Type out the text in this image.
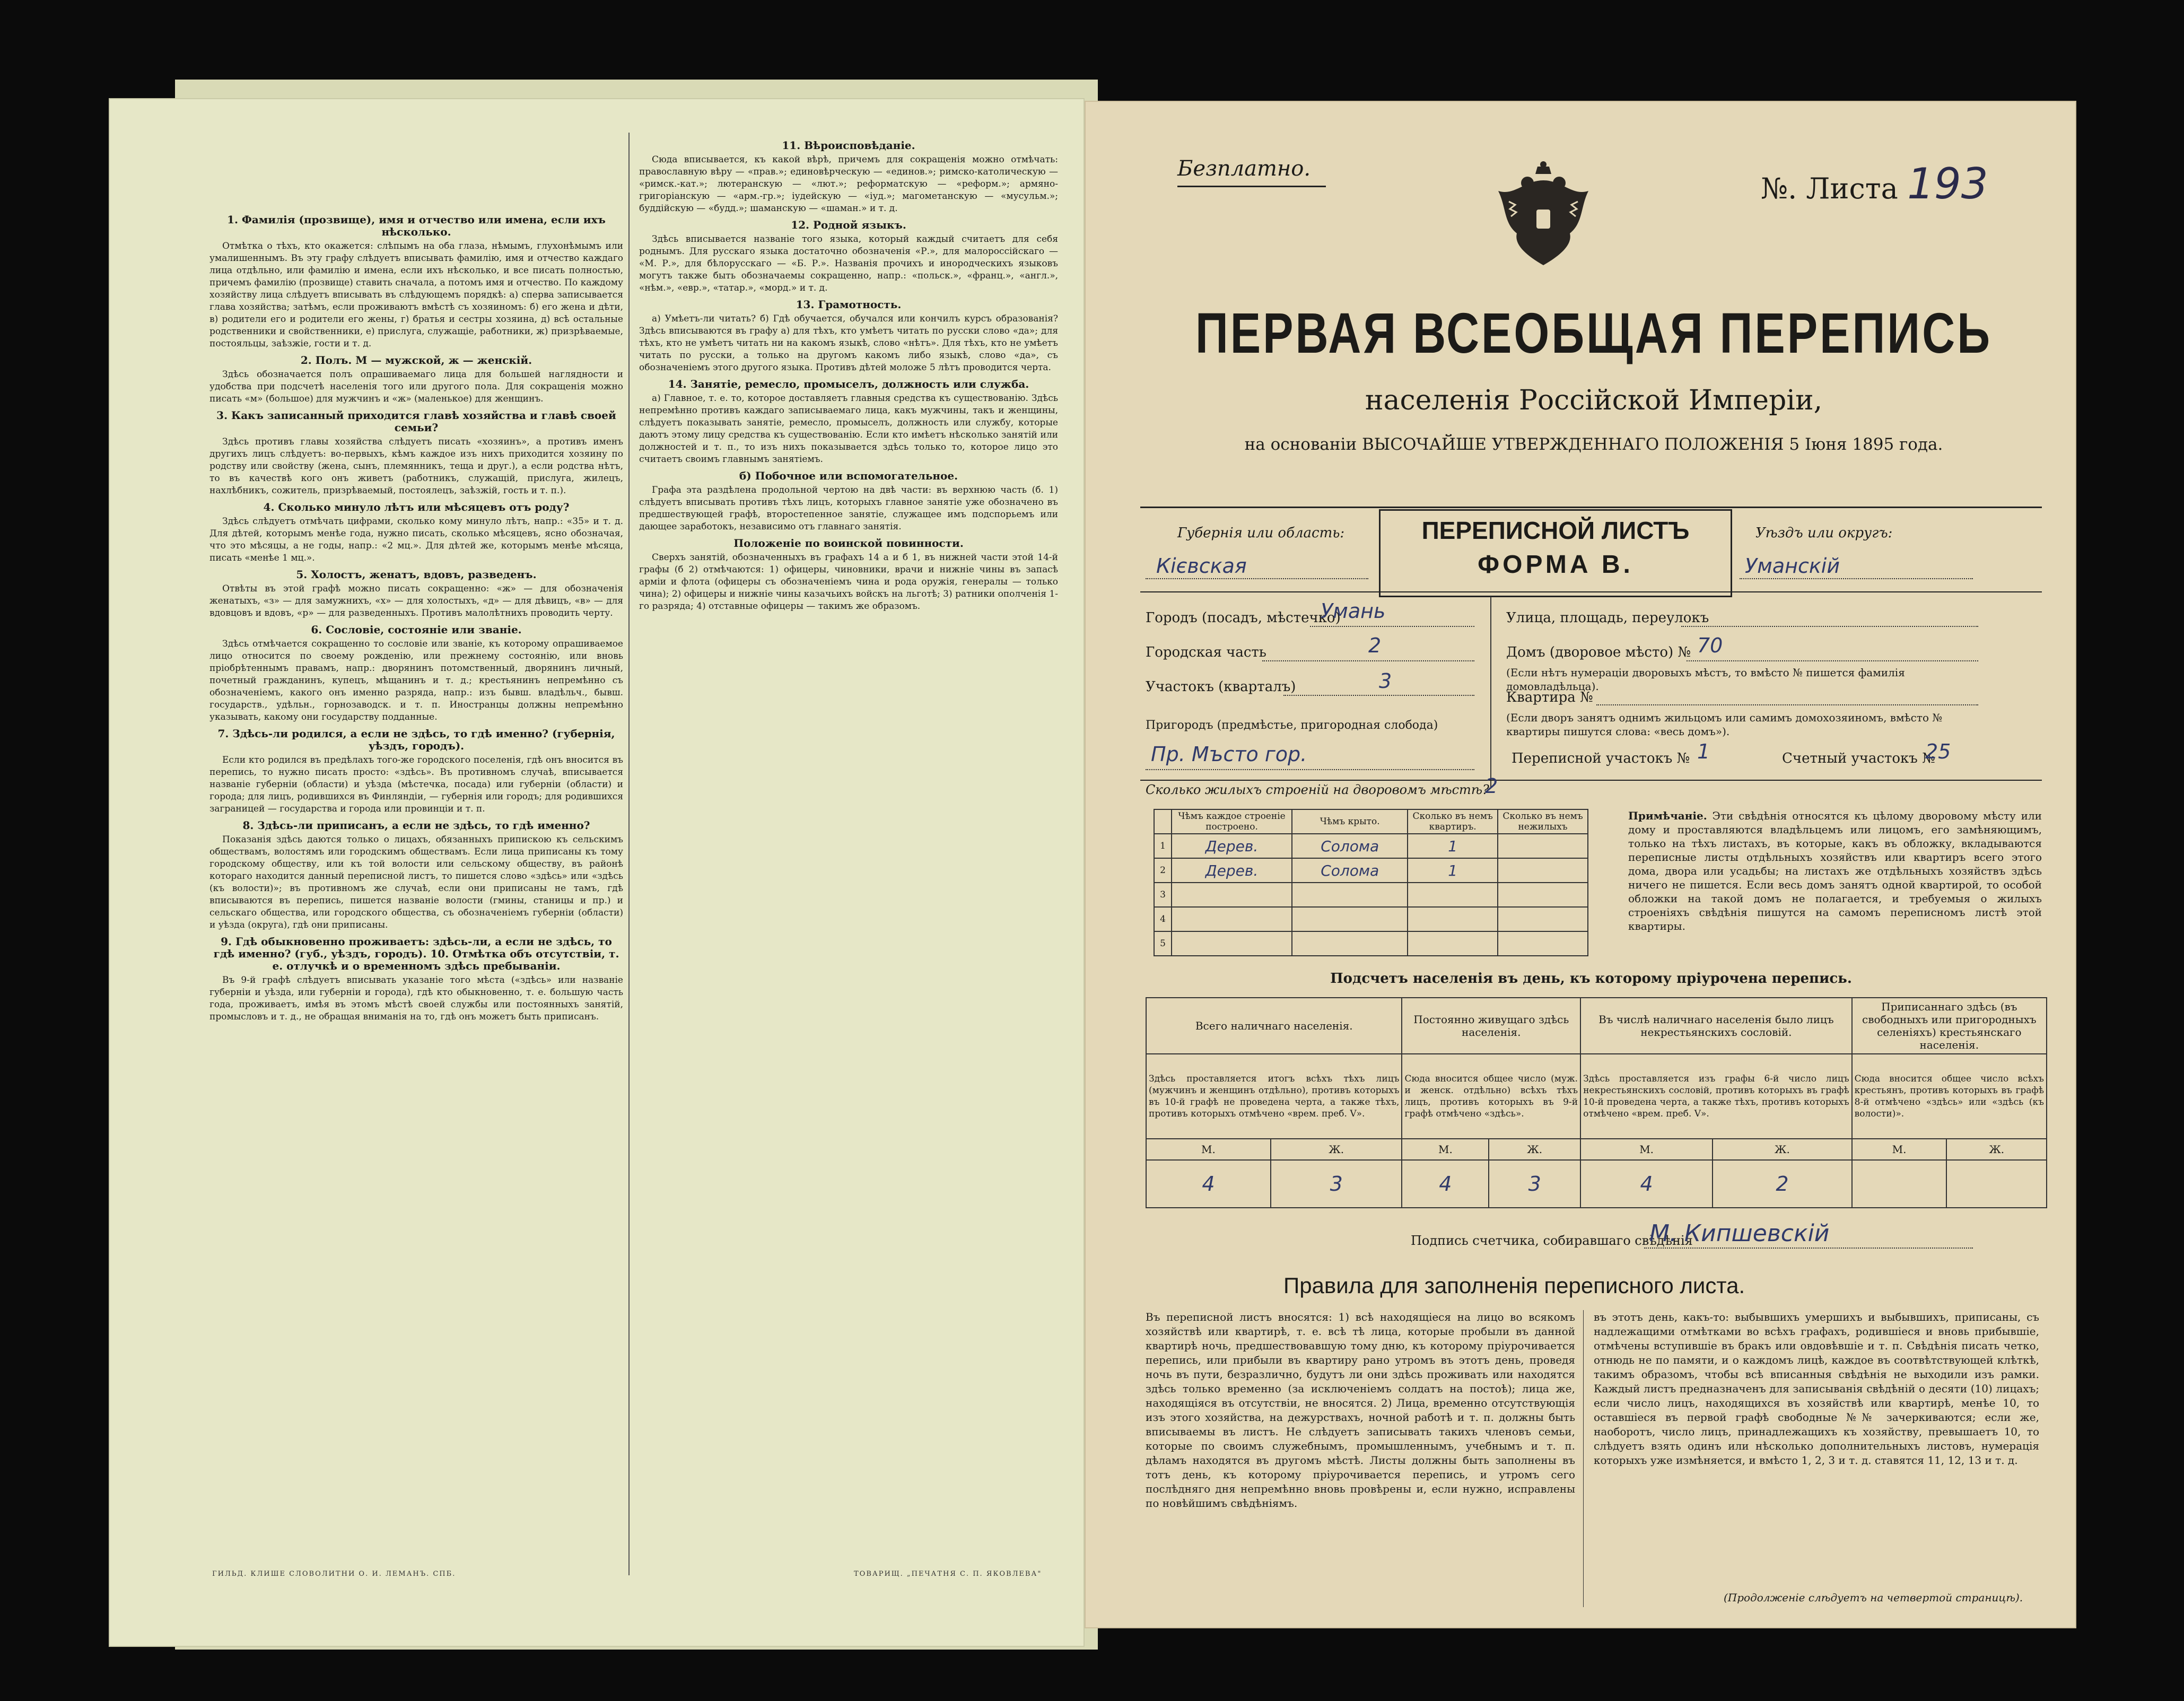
1. Фамилія (прозвище), имя и отчество или имена, если ихъ нѣсколько.

Отмѣтка о тѣхъ, кто окажется: слѣпымъ на оба глаза, нѣмымъ, глухонѣмымъ или умалишеннымъ. Въ эту графу слѣдуетъ вписывать фамилію, имя и отчество каждаго лица отдѣльно, или фамилію и имена, если ихъ нѣсколько, и все писать полностью, причемъ фамилію (прозвище) ставить сначала, а потомъ имя и отчество. По каждому хозяйству лица слѣдуетъ вписывать въ слѣдующемъ порядкѣ: а) сперва записывается глава хозяйства; затѣмъ, если проживаютъ вмѣстѣ съ хозяиномъ: б) его жена и дѣти, в) родители его и родители его жены, г) братья и сестры хозяина, д) всѣ остальные родственники и свойственники, е) прислуга, служащіе, работники, ж) призрѣваемые, постояльцы, заѣзжіе, гости и т. д.

2. Полъ. М — мужской, ж — женскій.

Здѣсь обозначается полъ опрашиваемаго лица для большей наглядности и удобства при подсчетѣ населенія того или другого пола. Для сокращенія можно писать «м» (большое) для мужчинъ и «ж» (маленькое) для женщинъ.

3. Какъ записанный приходится главѣ хозяйства и главѣ своей семьи?

Здѣсь противъ главы хозяйства слѣдуетъ писать «хозяинъ», а противъ именъ другихъ лицъ слѣдуетъ: во-первыхъ, кѣмъ каждое изъ нихъ приходится хозяину по родству или свойству (жена, сынъ, племянникъ, теща и друг.), а если родства нѣтъ, то въ качествѣ кого онъ живетъ (работникъ, служащій, прислуга, жилецъ, нахлѣбникъ, сожитель, призрѣваемый, постоялецъ, заѣзжій, гость и т. п.).

4. Сколько минуло лѣтъ или мѣсяцевъ отъ роду?

Здѣсь слѣдуетъ отмѣчать цифрами, сколько кому минуло лѣтъ, напр.: «35» и т. д. Для дѣтей, которымъ менѣе года, нужно писать, сколько мѣсяцевъ, ясно обозначая, что это мѣсяцы, а не годы, напр.: «2 мц.». Для дѣтей же, которымъ менѣе мѣсяца, писать «менѣе 1 мц.».

5. Холостъ, женатъ, вдовъ, разведенъ.

Отвѣты въ этой графѣ можно писать сокращенно: «ж» — для обозначенія женатыхъ, «з» — для замужнихъ, «х» — для холостыхъ, «д» — для дѣвицъ, «в» — для вдовцовъ и вдовъ, «р» — для разведенныхъ. Противъ малолѣтнихъ проводить черту.

6. Сословіе, состояніе или званіе.

Здѣсь отмѣчается сокращенно то сословіе или званіе, къ которому опрашиваемое лицо относится по своему рожденію, или прежнему состоянію, или вновь пріобрѣтеннымъ правамъ, напр.: дворянинъ потомственный, дворянинъ личный, почетный гражданинъ, купецъ, мѣщанинъ и т. д.; крестьянинъ непремѣнно съ обозначеніемъ, какого онъ именно разряда, напр.: изъ бывш. владѣльч., бывш. государств., удѣльн., горнозаводск. и т. п. Иностранцы должны непремѣнно указывать, какому они государству подданные.

7. Здѣсь-ли родился, а если не здѣсь, то гдѣ именно? (губернія, уѣздъ, городъ).

Если кто родился въ предѣлахъ того-же городского поселенія, гдѣ онъ вносится въ перепись, то нужно писать просто: «здѣсь». Въ противномъ случаѣ, вписывается названіе губерніи (области) и уѣзда (мѣстечка, посада) или губерніи (области) и города; для лицъ, родившихся въ Финляндіи, — губернія или городъ; для родившихся заграницей — государства и города или провинціи и т. п.

8. Здѣсь-ли приписанъ, а если не здѣсь, то гдѣ именно?

Показанія здѣсь даются только о лицахъ, обязанныхъ припискою къ сельскимъ обществамъ, волостямъ или городскимъ обществамъ. Если лица приписаны къ тому городскому обществу, или къ той волости или сельскому обществу, въ районѣ котораго находится данный переписной листъ, то пишется слово «здѣсь» или «здѣсь (къ волости)»; въ противномъ же случаѣ, если они приписаны не тамъ, гдѣ вписываются въ перепись, пишется названіе волости (гмины, станицы и пр.) и сельскаго общества, или городского общества, съ обозначеніемъ губерніи (области) и уѣзда (округа), гдѣ они приписаны.

9. Гдѣ обыкновенно проживаетъ: здѣсь-ли, а если не здѣсь, то гдѣ именно? (губ., уѣздъ, городъ). 10. Отмѣтка объ отсутствіи, т. е. отлучкѣ и о временномъ здѣсь пребываніи.

Въ 9-й графѣ слѣдуетъ вписывать указаніе того мѣста («здѣсь» или названіе губерніи и уѣзда, или губерніи и города), гдѣ кто обыкновенно, т. е. большую часть года, проживаетъ, имѣя въ этомъ мѣстѣ своей службы или постоянныхъ занятій, промысловъ и т. д., не обращая вниманія на то, гдѣ онъ можетъ быть приписанъ.

11. Вѣроисповѣданіе.

Сюда вписывается, къ какой вѣрѣ, причемъ для сокращенія можно отмѣчать: православную вѣру — «прав.»; единовѣрческую — «единов.»; римско-католическую — «римск.-кат.»; лютеранскую — «лют.»; реформатскую — «реформ.»; армяно-григоріанскую — «арм.-гр.»; іудейскую — «іуд.»; магометанскую — «мусульм.»; буддійскую — «будд.»; шаманскую — «шаман.» и т. д.

12. Родной языкъ.

Здѣсь вписывается названіе того языка, который каждый считаетъ для себя роднымъ. Для русскаго языка достаточно обозначенія «Р.», для малороссійскаго — «М. Р.», для бѣлорусскаго — «Б. Р.». Названія прочихъ и инородческихъ языковъ могутъ также быть обозначаемы сокращенно, напр.: «польск.», «франц.», «англ.», «нѣм.», «евр.», «татар.», «морд.» и т. д.

13. Грамотность.

а) Умѣетъ-ли читать? б) Гдѣ обучается, обучался или кончилъ курсъ образованія? Здѣсь вписываются въ графу а) для тѣхъ, кто умѣетъ читать по русски слово «да»; для тѣхъ, кто не умѣетъ читать ни на какомъ языкѣ, слово «нѣтъ». Для тѣхъ, кто не умѣетъ читать по русски, а только на другомъ какомъ либо языкѣ, слово «да», съ обозначеніемъ этого другого языка. Противъ дѣтей моложе 5 лѣтъ проводится черта.

14. Занятіе, ремесло, промыселъ, должность или служба.

а) Главное, т. е. то, которое доставляетъ главныя средства къ существованію. Здѣсь непремѣнно противъ каждаго записываемаго лица, какъ мужчины, такъ и женщины, слѣдуетъ показывать занятіе, ремесло, промыселъ, должность или службу, которые даютъ этому лицу средства къ существованію. Если кто имѣетъ нѣсколько занятій или должностей и т. п., то изъ нихъ показывается здѣсь только то, которое лицо это считаетъ своимъ главнымъ занятіемъ.

б) Побочное или вспомогательное.

Графа эта раздѣлена продольной чертою на двѣ части: въ верхнюю часть (б. 1) слѣдуетъ вписывать противъ тѣхъ лицъ, которыхъ главное занятіе уже обозначено въ предшествующей графѣ, второстепенное занятіе, служащее имъ подспорьемъ или дающее заработокъ, независимо отъ главнаго занятія.

Положеніе по воинской повинности.

Сверхъ занятій, обозначенныхъ въ графахъ 14 а и б 1, въ нижней части этой 14-й графы (б 2) отмѣчаются: 1) офицеры, чиновники, врачи и нижніе чины въ запасѣ арміи и флота (офицеры съ обозначеніемъ чина и рода оружія, генералы — только чина); 2) офицеры и нижніе чины казачьихъ войскъ на льготѣ; 3) ратники ополченія 1-го разряда; 4) отставные офицеры — такимъ же образомъ.

ГИЛЬД. КЛИШЕ СЛОВОЛИТНИ О. И. ЛЕМАНЪ. СПБ.	ТОВАРИЩ. „ПЕЧАТНЯ С. П. ЯКОВЛЕВА"
Безплатно.
№. Листа 193
ПЕРВАЯ ВСЕОБЩАЯ ПЕРЕПИСЬ
населенія Россійской Имперіи,
на основаніи ВЫСОЧАЙШЕ УТВЕРЖДЕННАГО ПОЛОЖЕНІЯ 5 Іюня 1895 года.
ПЕРЕПИСНОЙ ЛИСТЪ
ФОРМА В.
Губернія или область:
Кієвская
Уѣздъ или округъ:
Уманскій
Городъ (посадъ, мѣстечко)
Умань
Городская часть	2
Участокъ (кварталъ)	3
Пригородъ (предмѣстье, пригородная слобода)
Пр. Мъсто гор.
Улица, площадь, переулокъ
Домъ (дворовое мѣсто) № 70
(Если нѣтъ нумераціи дворовыхъ мѣстъ, то вмѣсто № пишется фамилія домовладѣльца).
Квартира №
(Если дворъ занятъ однимъ жильцомъ или самимъ домохозяиномъ, вмѣсто № квартиры пишутся слова: «весь домъ»).
Переписной участокъ № 1	Счетный участокъ №
25
Сколько жилыхъ строеній на дворовомъ мѣстѣ?
2
	Чѣмъ каждое строеніе построено.	Чѣмъ крыто.	Сколько въ немъ квартиръ.	Сколько въ немъ нежилыхъ
1	Дерев.	Солома	1	
2	Дерев.	Солома	1	
3				
4				
5				
Примѣчаніе. Эти свѣдѣнія относятся къ цѣлому дворовому мѣсту или дому и проставляются владѣльцемъ или лицомъ, его замѣняющимъ, только на тѣхъ листахъ, въ которые, какъ въ обложку, вкладываются переписные листы отдѣльныхъ хозяйствъ или квартиръ всего этого дома, двора или усадьбы; на листахъ же отдѣльныхъ хозяйствъ здѣсь ничего не пишется. Если весь домъ занятъ одной квартирой, то особой обложки на такой домъ не полагается, и требуемыя о жилыхъ строеніяхъ свѣдѣнія пишутся на самомъ переписномъ листѣ этой квартиры.
Подсчетъ населенія въ день, къ которому пріурочена перепись.
Всего наличнаго населенія.		Постоянно живущаго здѣсь населенія.		Въ числѣ наличнаго населенія было лицъ некрестьянскихъ сословій.		Приписаннаго здѣсь (въ свободныхъ или пригородныхъ селеніяхъ) крестьянскаго населенія.	
Здѣсь проставляется итогъ всѣхъ тѣхъ лицъ (мужчинъ и женщинъ отдѣльно), противъ которыхъ въ 10-й графѣ не проведена черта, а также тѣхъ, противъ которыхъ отмѣчено «врем. преб. V».		Сюда вносится общее число (муж. и женск. отдѣльно) всѣхъ тѣхъ лицъ, противъ которыхъ въ 9-й графѣ отмѣчено «здѣсь».		Здѣсь проставляется изъ графы 6-й число лицъ некрестьянскихъ сословій, противъ которыхъ въ графѣ 10-й проведена черта, а также тѣхъ, противъ которыхъ отмѣчено «врем. преб. V».		Сюда вносится общее число всѣхъ крестьянъ, противъ которыхъ въ графѣ 8-й отмѣчено «здѣсь» или «здѣсь (къ волости)».	
М.	Ж.	М.	Ж.	М.	Ж.	М.	Ж.
4	3	4	3	4	2		
Подпись счетчика, собиравшаго свѣдѣнія
М. Кипшевскій
Правила для заполненія переписного листа.
Въ переписной листъ вносятся: 1) всѣ находящіеся на лицо во всякомъ хозяйствѣ или квартирѣ, т. е. всѣ тѣ лица, которые пробыли въ данной квартирѣ ночь, предшествовавшую тому дню, къ которому пріурочивается перепись, или прибыли въ квартиру рано утромъ въ этотъ день, проведя ночь въ пути, безразлично, будутъ ли они здѣсь проживать или находятся здѣсь только временно (за исключеніемъ солдатъ на постоѣ); лица же, находящіяся въ отсутствіи, не вносятся. 2) Лица, временно отсутствующія изъ этого хозяйства, на дежурствахъ, ночной работѣ и т. п. должны быть вписываемы въ листъ. Не слѣдуетъ записывать такихъ членовъ семьи, которые по своимъ служебнымъ, промышленнымъ, учебнымъ и т. п. дѣламъ находятся въ другомъ мѣстѣ. Листы должны быть заполнены въ тотъ день, къ которому пріурочивается перепись, и утромъ сего послѣдняго дня непремѣнно вновь провѣрены и, если нужно, исправлены по новѣйшимъ свѣдѣніямъ.
въ этотъ день, какъ-то: выбывшихъ умершихъ и выбывшихъ, приписаны, съ надлежащими отмѣтками во всѣхъ графахъ, родившіеся и вновь прибывшіе, отмѣчены вступившіе въ бракъ или овдовѣвшіе и т. п. Свѣдѣнія писать четко, отнюдь не по памяти, и о каждомъ лицѣ, каждое въ соотвѣтствующей клѣткѣ, такимъ образомъ, чтобы всѣ вписанныя свѣдѣнія не выходили изъ рамки. Каждый листъ предназначенъ для записыванія свѣдѣній о десяти (10) лицахъ; если число лицъ, находящихся въ хозяйствѣ или квартирѣ, менѣе 10, то оставшіеся въ первой графѣ свободные №№ зачеркиваются; если же, наоборотъ, число лицъ, принадлежащихъ къ хозяйству, превышаетъ 10, то слѣдуетъ взять одинъ или нѣсколько дополнительныхъ листовъ, нумерація которыхъ уже измѣняется, и вмѣсто 1, 2, 3 и т. д. ставятся 11, 12, 13 и т. д.
(Продолженіе слѣдуетъ на четвертой страницѣ).
